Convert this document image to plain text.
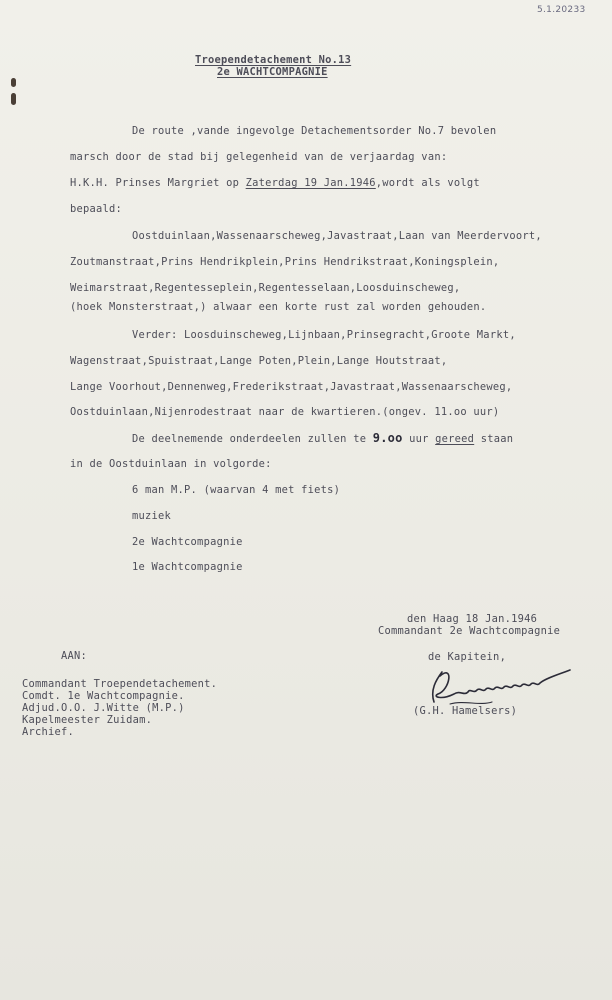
5.1.20233
Troependetachement No.13
2e WACHTCOMPAGNIE
De route ,vande ingevolge Detachementsorder No.7 bevolen
marsch door de stad bij gelegenheid van de verjaardag van:
H.K.H. Prinses Margriet op Zaterdag 19 Jan.1946,wordt als volgt
bepaald:
Oostduinlaan,Wassenaarscheweg,Javastraat,Laan van Meerdervoort,
Zoutmanstraat,Prins Hendrikplein,Prins Hendrikstraat,Koningsplein,
Weimarstraat,Regentesseplein,Regentesselaan,Loosduinscheweg,
(hoek Monsterstraat,) alwaar een korte rust zal worden gehouden.
Verder: Loosduinscheweg,Lijnbaan,Prinsegracht,Groote Markt,
Wagenstraat,Spuistraat,Lange Poten,Plein,Lange Houtstraat,
Lange Voorhout,Dennenweg,Frederikstraat,Javastraat,Wassenaarscheweg,
Oostduinlaan,Nijenrodestraat naar de kwartieren.(ongev. 11.oo uur)
De deelnemende onderdeelen zullen te 9.oo uur gereed staan
in de Oostduinlaan in volgorde:
6 man M.P. (waarvan 4 met fiets)
muziek
2e Wachtcompagnie
1e Wachtcompagnie
den Haag 18 Jan.1946
Commandant 2e Wachtcompagnie
de Kapitein,
(G.H. Hamelsers)
AAN:
Commandant Troependetachement.
Comdt. 1e Wachtcompagnie.
Adjud.O.O. J.Witte (M.P.)
Kapelmeester Zuidam.
Archief.
